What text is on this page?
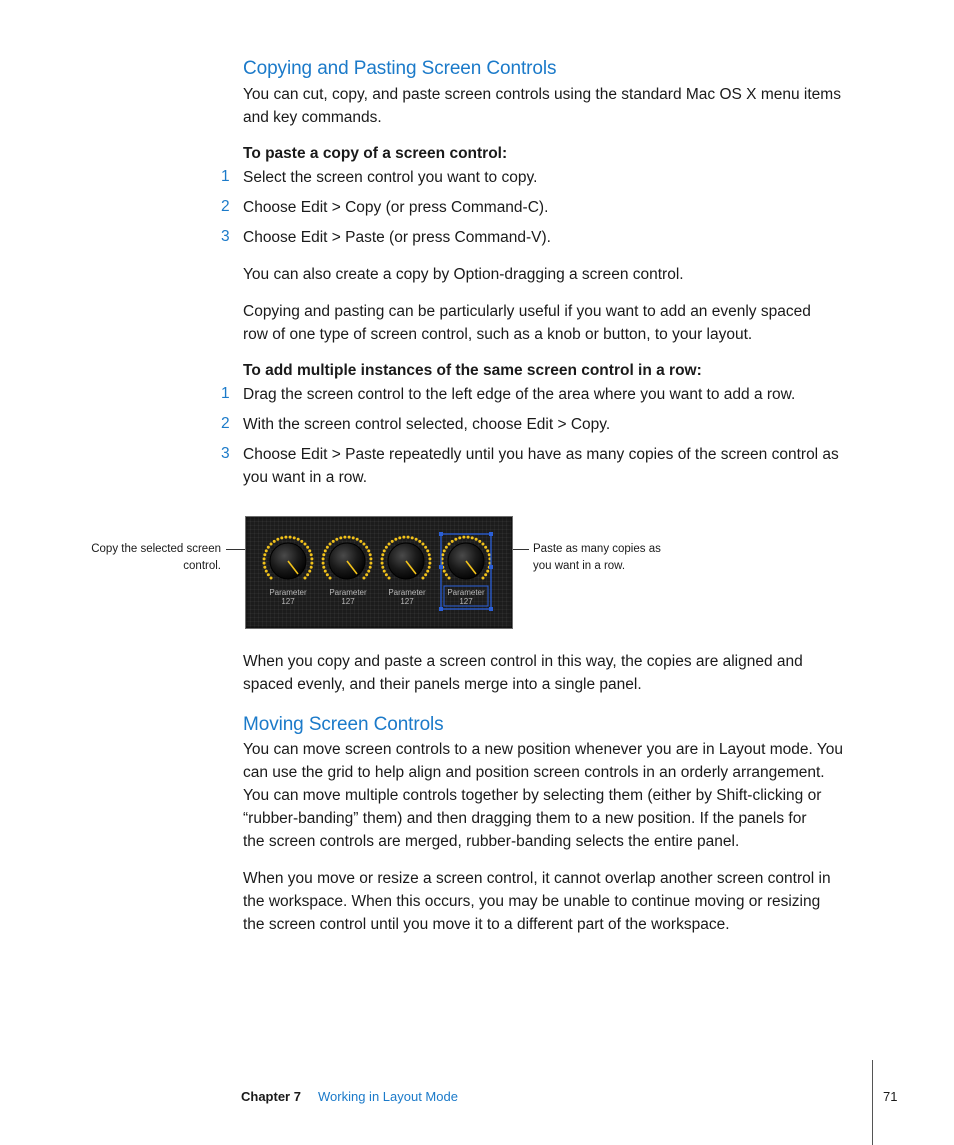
Copying and Pasting Screen Controls
You can cut, copy, and paste screen controls using the standard Mac OS X menu items
and key commands.
To paste a copy of a screen control:
1 Select the screen control you want to copy.
2 Choose Edit > Copy (or press Command-C).
3 Choose Edit > Paste (or press Command-V).
You can also create a copy by Option-dragging a screen control.
Copying and pasting can be particularly useful if you want to add an evenly spaced
row of one type of screen control, such as a knob or button, to your layout.
To add multiple instances of the same screen control in a row:
1 Drag the screen control to the left edge of the area where you want to add a row.
2 With the screen control selected, choose Edit > Copy.
3 Choose Edit > Paste repeatedly until you have as many copies of the screen control as
you want in a row.
Copy the selected screen
control.
Paste as many copies as
you want in a row.
Parameter
127
Parameter
127
Parameter
127
Parameter
127
When you copy and paste a screen control in this way, the copies are aligned and
spaced evenly, and their panels merge into a single panel.
Moving Screen Controls
You can move screen controls to a new position whenever you are in Layout mode. You
can use the grid to help align and position screen controls in an orderly arrangement.
You can move multiple controls together by selecting them (either by Shift-clicking or
“rubber-banding” them) and then dragging them to a new position. If the panels for
the screen controls are merged, rubber-banding selects the entire panel.
When you move or resize a screen control, it cannot overlap another screen control in
the workspace. When this occurs, you may be unable to continue moving or resizing
the screen control until you move it to a different part of the workspace.
Chapter 7 Working in Layout Mode	71
